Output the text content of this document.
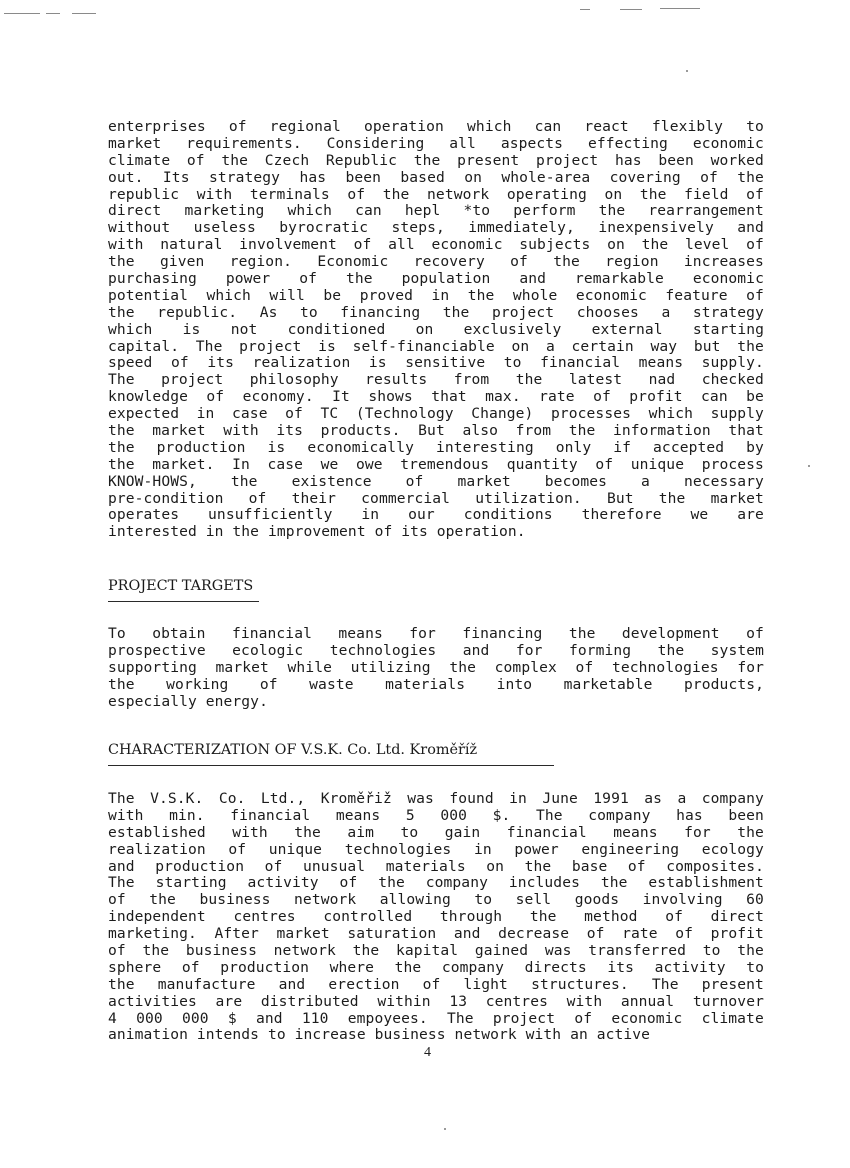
enterprises of regional operation which can react flexibly to
market requirements. Considering all aspects effecting economic
climate of the Czech Republic the present project has been worked
out. Its strategy has been based on whole-area covering of the
republic with terminals of the network operating on the field of
direct marketing which can hepl *to perform the rearrangement
without useless byrocratic steps, immediately, inexpensively and
with natural involvement of all economic subjects on the level of
the given region. Economic recovery of the region increases
purchasing power of the population and remarkable economic
potential which will be proved in the whole economic feature of
the republic. As to financing the project chooses a strategy
which is not conditioned on exclusively external starting
capital. The project is self-financiable on a certain way but the
speed of its realization is sensitive to financial means supply.
The project philosophy results from the latest nad checked
knowledge of economy. It shows that max. rate of profit can be
expected in case of TC (Technology Change) processes which supply
the market with its products. But also from the information that
the production is economically interesting only if accepted by
the market. In case we owe tremendous quantity of unique process
KNOW-HOWS, the existence of market becomes a necessary
pre-condition of their commercial utilization. But the market
operates unsufficiently in our conditions therefore we are
interested in the improvement of its operation.
PROJECT TARGETS
To obtain financial means for financing the development of
prospective ecologic technologies and for forming the system
supporting market while utilizing the complex of technologies for
the working of waste materials into marketable products,
especially energy.
CHARACTERIZATION OF V.S.K. Co. Ltd. Kroměříž
The V.S.K. Co. Ltd., Kroměřiž was found in June 1991 as a company
with min. financial means 5 000 $. The company has been
established with the aim to gain financial means for the
realization of unique technologies in power engineering ecology
and production of unusual materials on the base of composites.
The starting activity of the company includes the establishment
of the business network allowing to sell goods involving 60
independent centres controlled through the method of direct
marketing. After market saturation and decrease of rate of profit
of the business network the kapital gained was transferred to the
sphere of production where the company directs its activity to
the manufacture and erection of light structures. The present
activities are distributed within 13 centres with annual turnover
4 000 000 $ and 110 empoyees. The project of economic climate
animation intends to increase business network with an active
4
